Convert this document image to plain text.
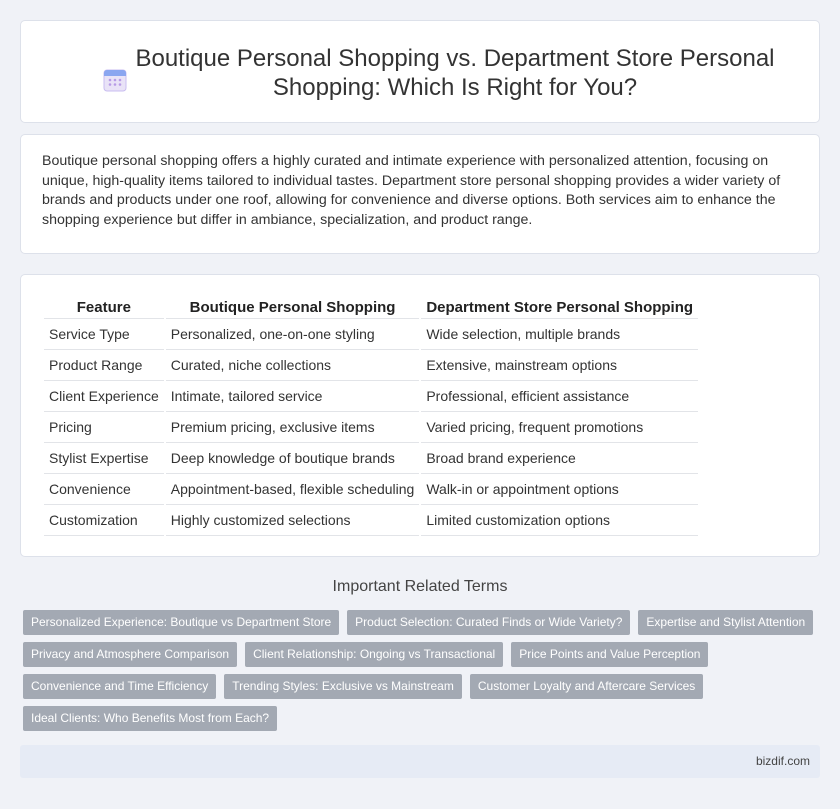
Boutique Personal Shopping vs. Department Store Personal Shopping: Which Is Right for You?

Boutique personal shopping offers a highly curated and intimate experience with personalized attention, focusing on unique, high-quality items tailored to individual tastes. Department store personal shopping provides a wider variety of brands and products under one roof, allowing for convenience and diverse options. Both services aim to enhance the shopping experience but differ in ambiance, specialization, and product range.

Feature	Boutique Personal Shopping	Department Store Personal Shopping
Service Type	Personalized, one-on-one styling	Wide selection, multiple brands
Product Range	Curated, niche collections	Extensive, mainstream options
Client Experience	Intimate, tailored service	Professional, efficient assistance
Pricing	Premium pricing, exclusive items	Varied pricing, frequent promotions
Stylist Expertise	Deep knowledge of boutique brands	Broad brand experience
Convenience	Appointment-based, flexible scheduling	Walk-in or appointment options
Customization	Highly customized selections	Limited customization options
Important Related Terms
Personalized Experience: Boutique vs Department Store	Product Selection: Curated Finds or Wide Variety?	Expertise and Stylist Attention
Privacy and Atmosphere Comparison	Client Relationship: Ongoing vs Transactional	Price Points and Value Perception
Convenience and Time Efficiency	Trending Styles: Exclusive vs Mainstream	Customer Loyalty and Aftercare Services
Ideal Clients: Who Benefits Most from Each?
bizdif.com
